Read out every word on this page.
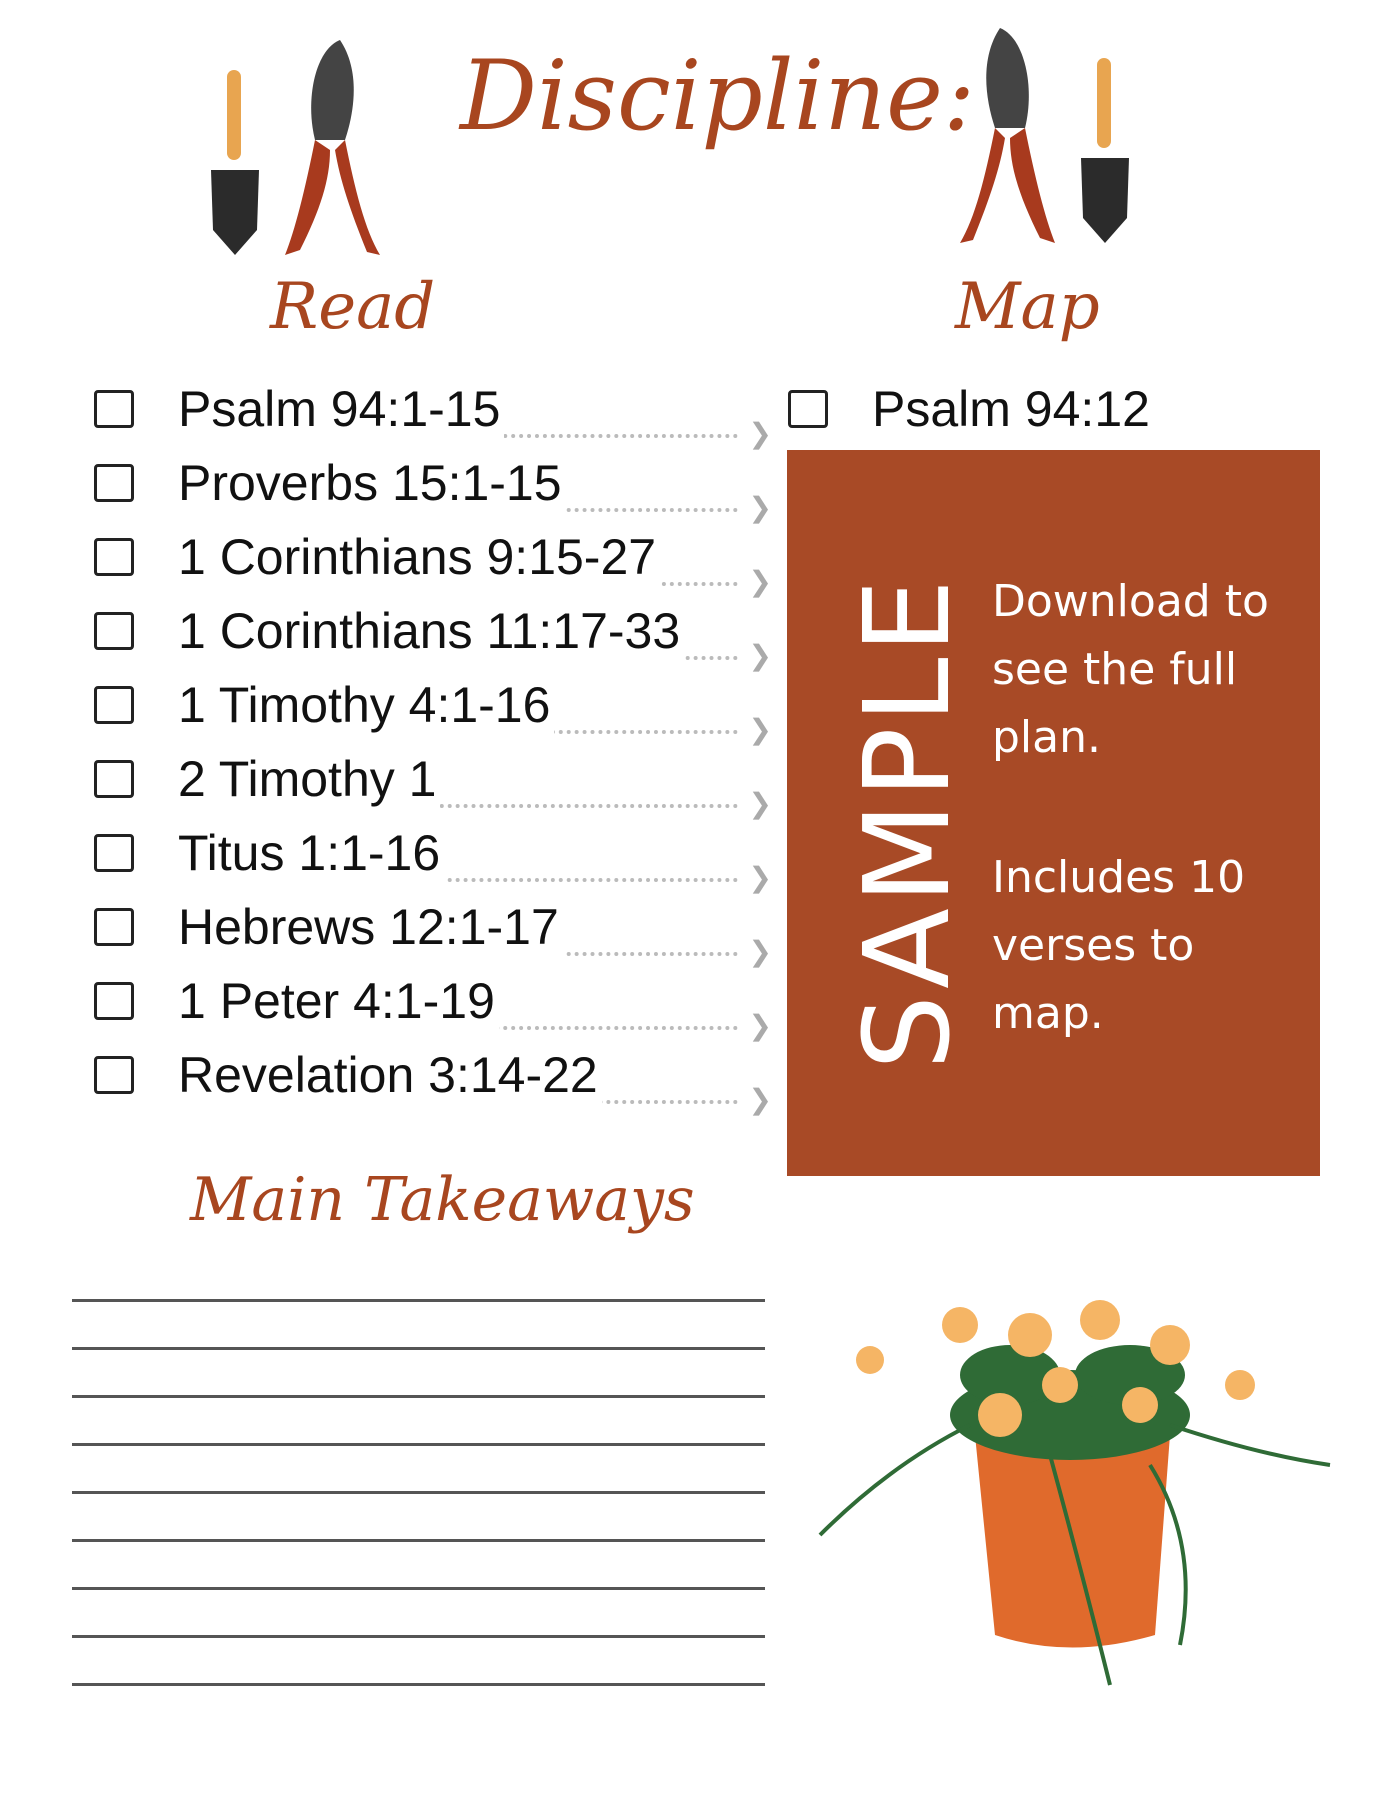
Discipline:
Read	Map
Psalm 94:1-15	❯
Proverbs 15:1-15	❯
1 Corinthians 9:15-27	❯
1 Corinthians 11:17-33 ❯
1 Timothy 4:1-16	❯
2 Timothy 1	❯
Titus 1:1-16	❯
Hebrews 12:1-17	❯
1 Peter 4:1-19	❯
Revelation 3:14-22	❯
Psalm 94:12
SAMPLE Download to see the full plan.
Includes 10 verses to map.
Main Takeaways
